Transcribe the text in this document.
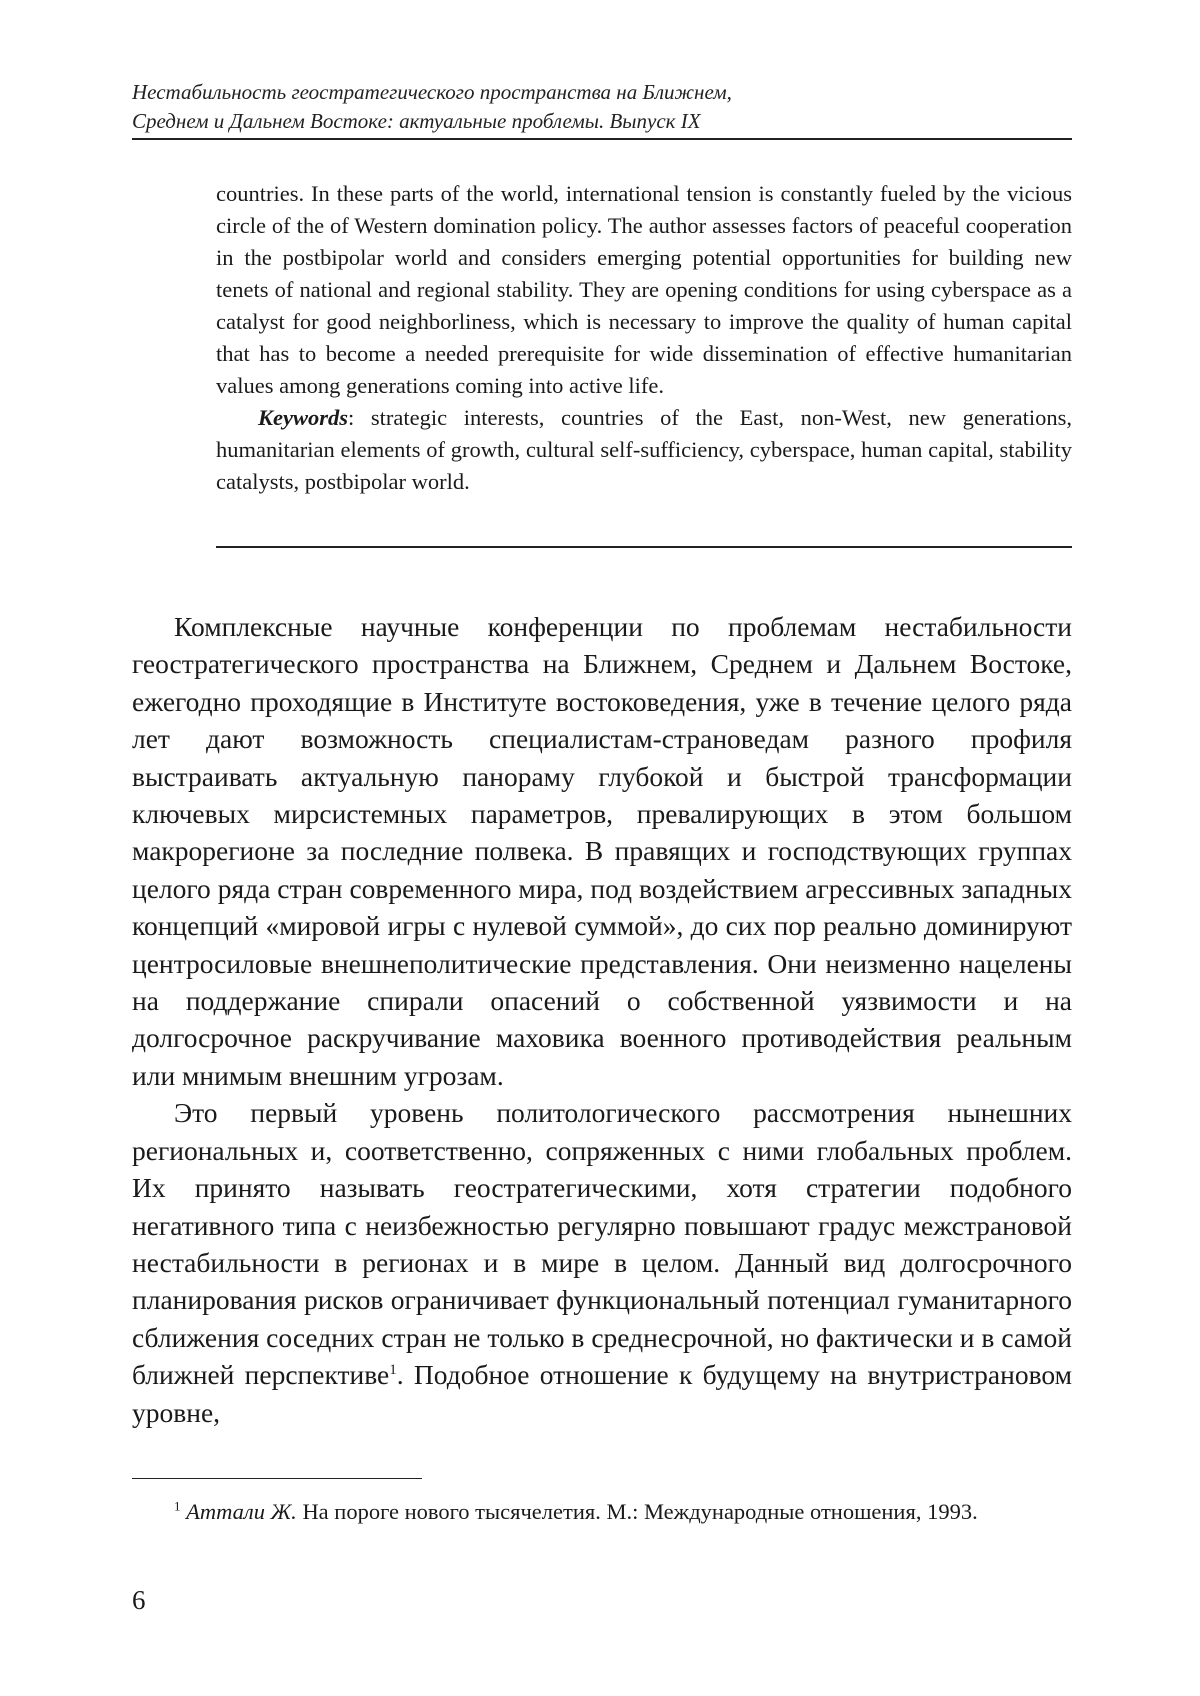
Нестабильность геостратегического пространства на Ближнем,
Среднем и Дальнем Востоке: актуальные проблемы. Выпуск IX

countries. In these parts of the world, international tension is constantly fueled by the vicious circle of the of Western domination policy. The author assesses factors of peaceful cooperation in the postbipolar world and considers emerging potential opportunities for building new tenets of national and regional stability. They are opening conditions for using cyberspace as a catalyst for good neighborliness, which is necessary to improve the quality of human capital that has to become a needed prerequisite for wide dissemination of effective humanitarian values among generations coming into active life.

Keywords: strategic interests, countries of the East, non-West, new generations, humanitarian elements of growth, cultural self-sufficiency, cyberspace, human capital, stability catalysts, postbipolar world.

Комплексные научные конференции по проблемам нестабильности геостратегического пространства на Ближнем, Среднем и Дальнем Востоке, ежегодно проходящие в Институте востоковедения, уже в течение целого ряда лет дают возможность специалистам-страноведам разного профиля выстраивать актуальную панораму глубокой и быстрой трансформации ключевых мирсистемных параметров, превалирующих в этом большом макрорегионе за последние полвека. В правящих и господствующих группах целого ряда стран современного мира, под воздействием агрессивных западных концепций «мировой игры с нулевой суммой», до сих пор реально доминируют центросиловые внешнеполитические представления. Они неизменно нацелены на поддержание спирали опасений о собственной уязвимости и на долгосрочное раскручивание маховика военного противодействия реальным или мнимым внешним угрозам.

Это первый уровень политологического рассмотрения нынешних региональных и, соответственно, сопряженных с ними глобальных проблем. Их принято называть геостратегическими, хотя стратегии подобного негативного типа с неизбежностью регулярно повышают градус межстрановой нестабильности в регионах и в мире в целом. Данный вид долгосрочного планирования рисков ограничивает функциональный потенциал гуманитарного сближения соседних стран не только в среднесрочной, но фактически и в самой ближней перспективе$^1$. Подобное отношение к будущему на внутристрановом уровне,

$^1$ Аттали Ж. На пороге нового тысячелетия. М.: Международные отношения, 1993.

6
